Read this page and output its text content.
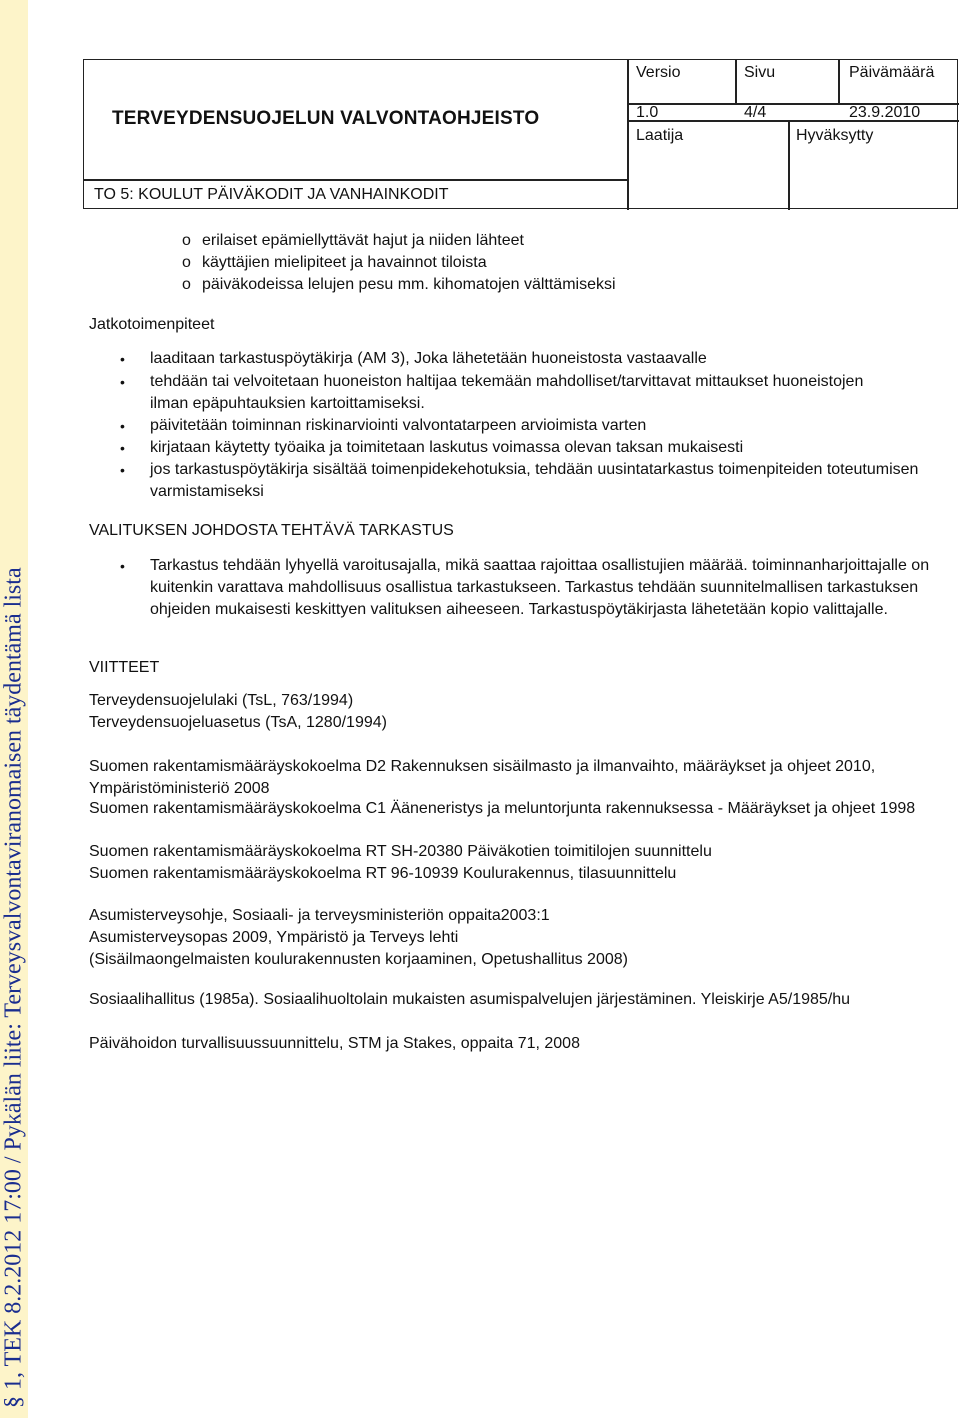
§ 1, TEK 8.2.2012 17:00 / Pykälän liite: Terveysvalvontaviranomaisen täydentämä lista
TERVEYDENSUOJELUN VALVONTAOHJEISTO
TO 5: KOULUT PÄIVÄKODIT JA VANHAINKODIT
Versio	Sivu	Päivämäärä
1.0	4/4	23.9.2010
Laatija	Hyväksytty
o erilaiset epämiellyttävät hajut ja niiden lähteet
o käyttäjien mielipiteet ja havainnot tiloista
o päiväkodeissa lelujen pesu mm. kihomatojen välttämiseksi
Jatkotoimenpiteet
• laaditaan tarkastuspöytäkirja (AM 3), Joka lähetetään huoneistosta vastaavalle
• tehdään tai velvoitetaan huoneiston haltijaa tekemään mahdolliset/tarvittavat mittaukset huoneistojen ilman epäpuhtauksien kartoittamiseksi.
• päivitetään toiminnan riskinarviointi valvontatarpeen arvioimista varten
• kirjataan käytetty työaika ja toimitetaan laskutus voimassa olevan taksan mukaisesti
• jos tarkastuspöytäkirja sisältää toimenpidekehotuksia, tehdään uusintatarkastus toimenpiteiden toteutumisen varmistamiseksi
VALITUKSEN JOHDOSTA TEHTÄVÄ TARKASTUS
• Tarkastus tehdään lyhyellä varoitusajalla, mikä saattaa rajoittaa osallistujien määrää. toiminnanharjoittajalle on kuitenkin varattava mahdollisuus osallistua tarkastukseen. Tarkastus tehdään suunnitelmallisen tarkastuksen ohjeiden mukaisesti keskittyen valituksen aiheeseen. Tarkastuspöytäkirjasta lähetetään kopio valittajalle.
VIITTEET
Terveydensuojelulaki (TsL, 763/1994)
Terveydensuojeluasetus (TsA, 1280/1994)
Suomen rakentamismääräyskokoelma D2 Rakennuksen sisäilmasto ja ilmanvaihto, määräykset ja ohjeet 2010, Ympäristöministeriö 2008
Suomen rakentamismääräyskokoelma C1 Ääneneristys ja meluntorjunta rakennuksessa - Määräykset ja ohjeet 1998
Suomen rakentamismääräyskokoelma RT SH-20380 Päiväkotien toimitilojen suunnittelu
Suomen rakentamismääräyskokoelma RT 96-10939 Koulurakennus, tilasuunnittelu
Asumisterveysohje, Sosiaali- ja terveysministeriön oppaita2003:1
Asumisterveysopas 2009, Ympäristö ja Terveys lehti
(Sisäilmaongelmaisten koulurakennusten korjaaminen, Opetushallitus 2008)
Sosiaalihallitus (1985a). Sosiaalihuoltolain mukaisten asumispalvelujen järjestäminen. Yleiskirje A5/1985/hu
Päivähoidon turvallisuussuunnittelu, STM ja Stakes, oppaita 71, 2008
